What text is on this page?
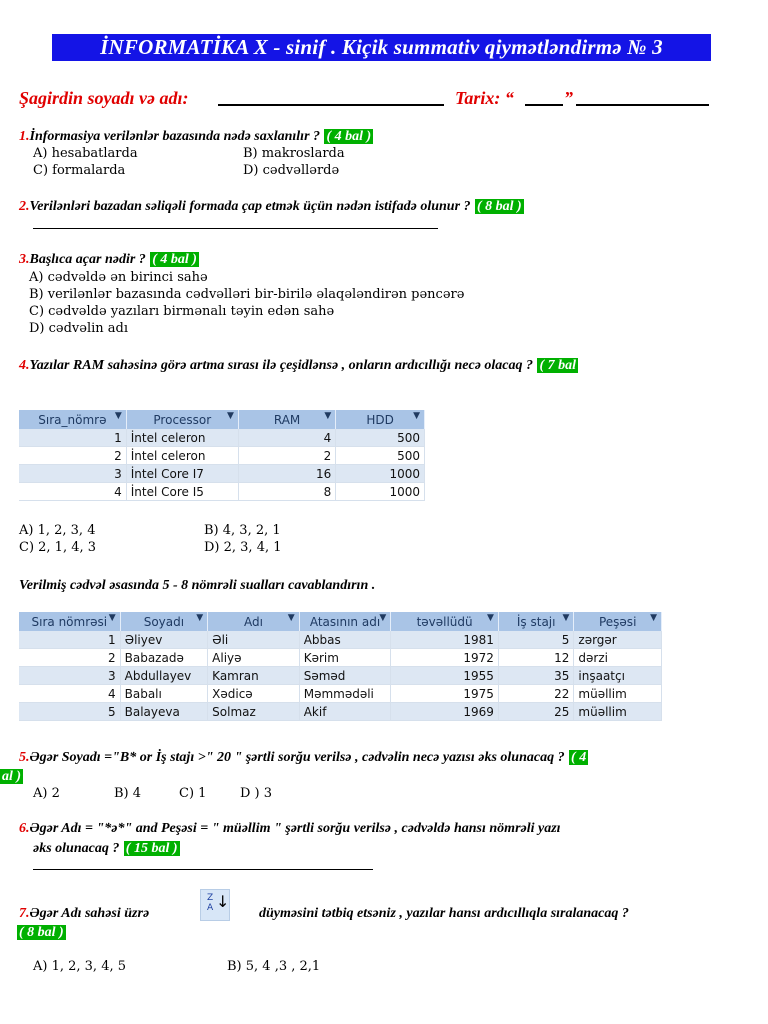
İNFORMATİKA X - sinif . Kiçik summativ qiymətləndirmə № 3
Şagirdin soyadı və adı:	Tarix: “	”
1.İnformasiya verilənlər bazasında nədə saxlanılır ? ( 4 bal )
A) hesabatlarda	B) makroslarda
C) formalarda	D) cədvəllərdə
2.Verilənləri bazadan səliqəli formada çap etmək üçün nədən istifadə olunur ? ( 8 bal )
3.Başlıca açar nədir ? ( 4 bal )
A) cədvəldə ən birinci sahə
B) verilənlər bazasında cədvəlləri bir-birilə əlaqələndirən pəncərə
C) cədvəldə yazıları birmənalı təyin edən sahə
D) cədvəlin adı
4.Yazılar RAM sahəsinə görə artma sırası ilə çeşidlənsə , onların ardıcıllığı necə olacaq ? ( 7 bal
Sıra_nömrə ▼	Processor ▼	RAM ▼	HDD ▼

1	İntel celeron	4	500
2	İntel celeron	2	500
3	İntel Core I7	16	1000
4	İntel Core I5	8	1000
A) 1, 2, 3, 4	B) 4, 3, 2, 1
C) 2, 1, 4, 3	D) 2, 3, 4, 1
Verilmiş cədvəl əsasında 5 - 8 nömrəli sualları cavablandırın .
Sıra nömrəsi ▼	Soyadı ▼	Adı ▼	Atasının adı ▼	təvəllüdü ▼	İş stajı ▼	Peşəsi ▼

1	Əliyev	Əli	Abbas	1981	5	zərgər
2	Babazadə	Aliyə	Kərim	1972	12	dərzi
3	Abdullayev	Kamran	Səməd	1955	35	inşaatçı
4	Babalı	Xədicə	Məmmədəli	1975	22	müəllim
5	Balayeva	Solmaz	Akif	1969	25	müəllim
5.Əgər Soyadı ="B* or İş stajı >" 20 " şərtli sorğu verilsə , cədvəlin necə yazısı əks olunacaq ? ( 4
al )
A) 2	B) 4	C) 1	D ) 3
6.Əgər Adı = "*ə*" and Peşəsi = " müəllim " şərtli sorğu verilsə , cədvəldə hansı nömrəli yazı
əks olunacaq ? ( 15 bal )
7.Əgər Adı sahəsi üzrə
Z
A ↓
düyməsini tətbiq etsəniz , yazılar hansı ardıcıllıqla sıralanacaq ?
( 8 bal )
A) 1, 2, 3, 4, 5	B) 5, 4 ,3 , 2,1
